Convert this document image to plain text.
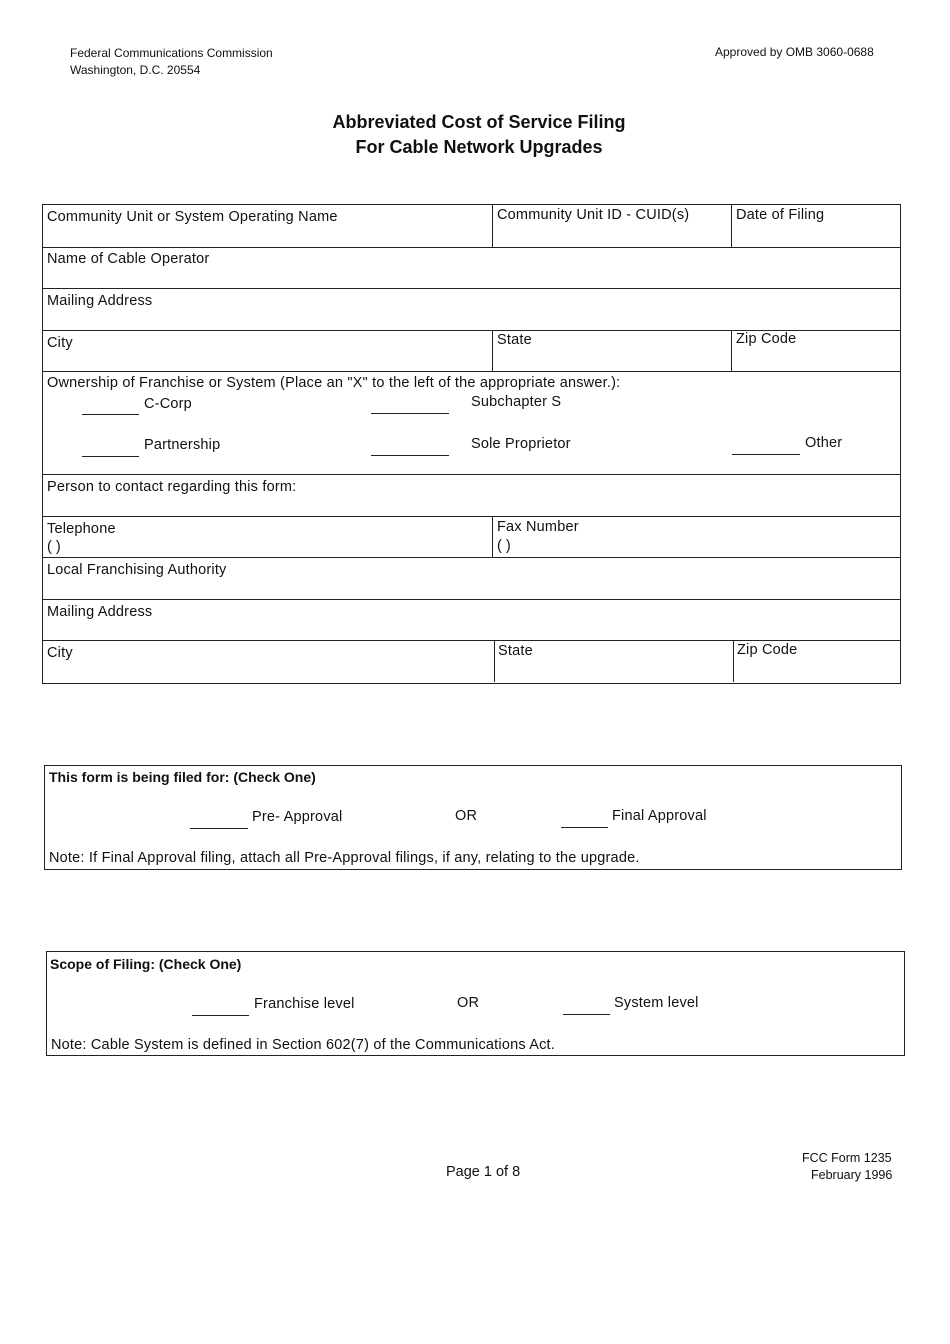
Federal Communications Commission
Washington, D.C. 20554
Approved by OMB 3060-0688
Abbreviated Cost of Service Filing
For Cable Network Upgrades
Community Unit or System Operating Name	Community Unit ID - CUID(s)	Date of Filing
Name of Cable Operator
Mailing Address
City	State	Zip Code
Ownership of Franchise or System (Place an "X" to the left of the appropriate answer.):
C-Corp	Subchapter S
Partnership	Sole Proprietor	Other
Person to contact regarding this form:
Telephone
( )
Fax Number
( )
Local Franchising Authority
Mailing Address
City	State	Zip Code
This form is being filed for: (Check One)
Pre- Approval	OR	Final Approval
Note: If Final Approval filing, attach all Pre-Approval filings, if any, relating to the upgrade.
Scope of Filing: (Check One)
Franchise level	OR	System level
Note: Cable System is defined in Section 602(7) of the Communications Act.
Page 1 of 8
FCC Form 1235
February 1996
